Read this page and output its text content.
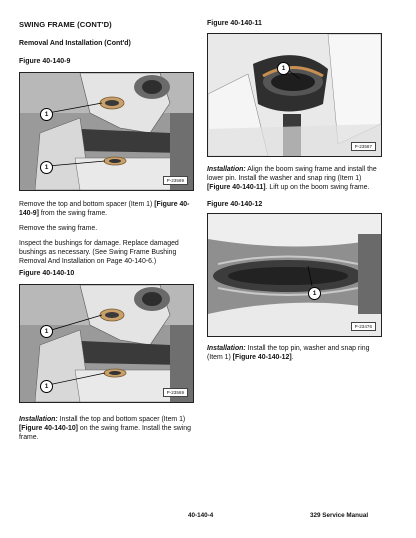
SWING FRAME (CONT'D)
Removal And Installation (Cont'd)
Figure 40-140-9
1
1
P-23569
Remove the top and bottom spacer (Item 1) [Figure 40-140-9] from the swing frame.
Remove the swing frame.
Inspect the bushings for damage. Replace damaged bushings as necessary. (See Swing Frame Bushing Removal And Installation on Page 40-140-6.)
Figure 40-140-10
1
1
P-23569
Installation: Install the top and bottom spacer (Item 1) [Figure 40-140-10] on the swing frame. Install the swing frame.
Figure 40-140-11
1
P-23587
Installation: Align the boom swing frame and install the lower pin. Install the washer and snap ring (Item 1) [Figure 40-140-11]. Lift up on the boom swing frame.
Figure 40-140-12
1
P-23476
Installation: Install the top pin, washer and snap ring (Item 1) [Figure 40-140-12].
40-140-4	329 Service Manual
